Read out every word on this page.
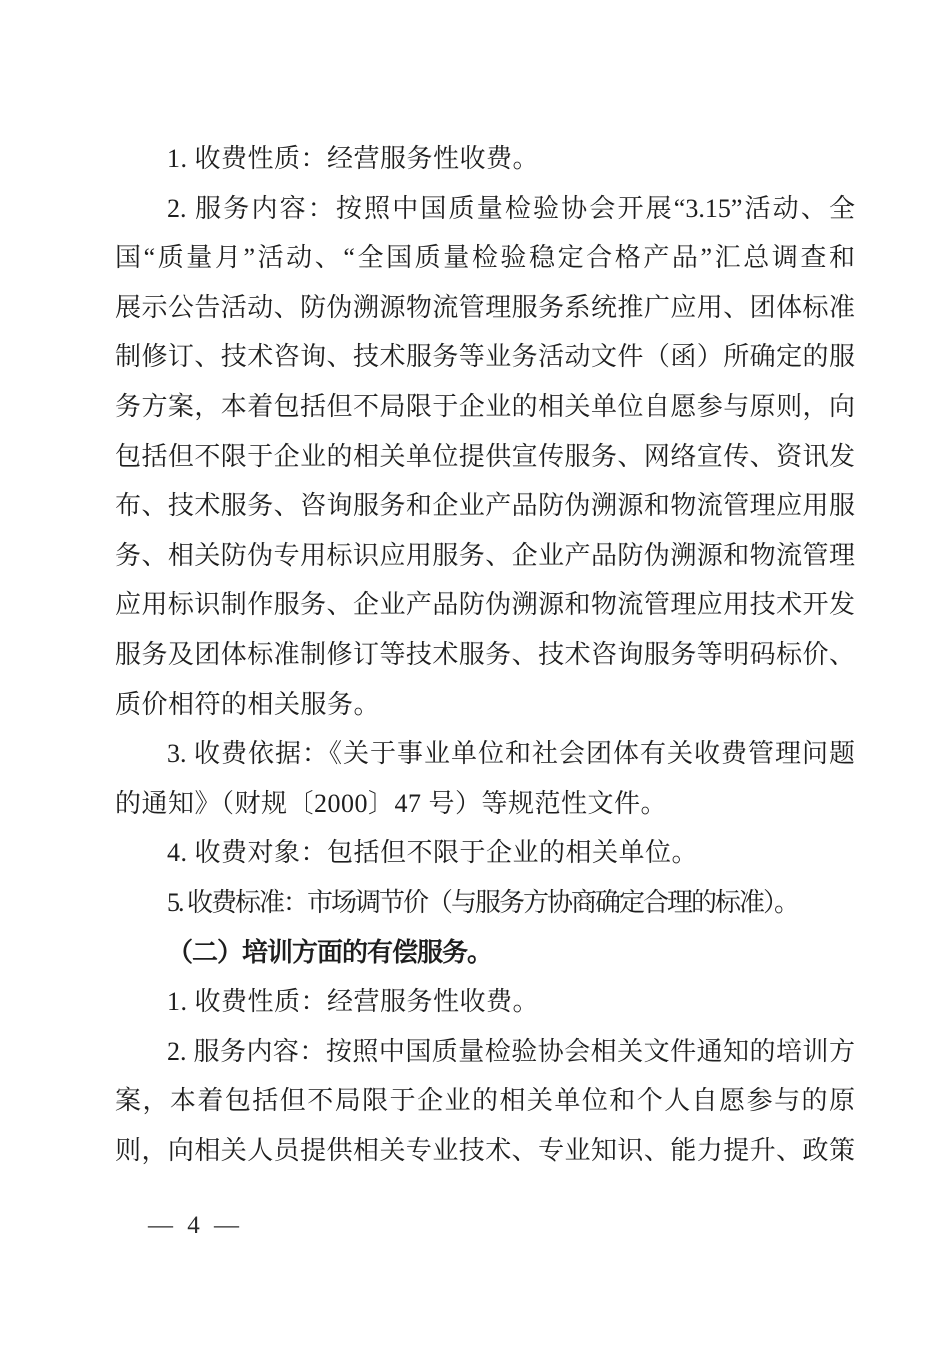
1. 收费性质：经营服务性收费。
2. 服务内容：按照中国质量检验协会开展“3.15”活动、全
国“质量月”活动、“全国质量检验稳定合格产品”汇总调查和
展示公告活动、防伪溯源物流管理服务系统推广应用、团体标准
制修订、技术咨询、技术服务等业务活动文件（函）所确定的服
务方案，本着包括但不局限于企业的相关单位自愿参与原则，向
包括但不限于企业的相关单位提供宣传服务、网络宣传、资讯发
布、技术服务、咨询服务和企业产品防伪溯源和物流管理应用服
务、相关防伪专用标识应用服务、企业产品防伪溯源和物流管理
应用标识制作服务、企业产品防伪溯源和物流管理应用技术开发
服务及团体标准制修订等技术服务、技术咨询服务等明码标价、
质价相符的相关服务。
3. 收费依据：《关于事业单位和社会团体有关收费管理问题
的通知》（财规〔2000〕47 号）等规范性文件。
4. 收费对象：包括但不限于企业的相关单位。
5. 收费标准：市场调节价（与服务方协商确定合理的标准）。
（二）培训方面的有偿服务。
1. 收费性质：经营服务性收费。
2. 服务内容：按照中国质量检验协会相关文件通知的培训方
案，本着包括但不局限于企业的相关单位和个人自愿参与的原
则，向相关人员提供相关专业技术、专业知识、能力提升、政策
— 4 —
